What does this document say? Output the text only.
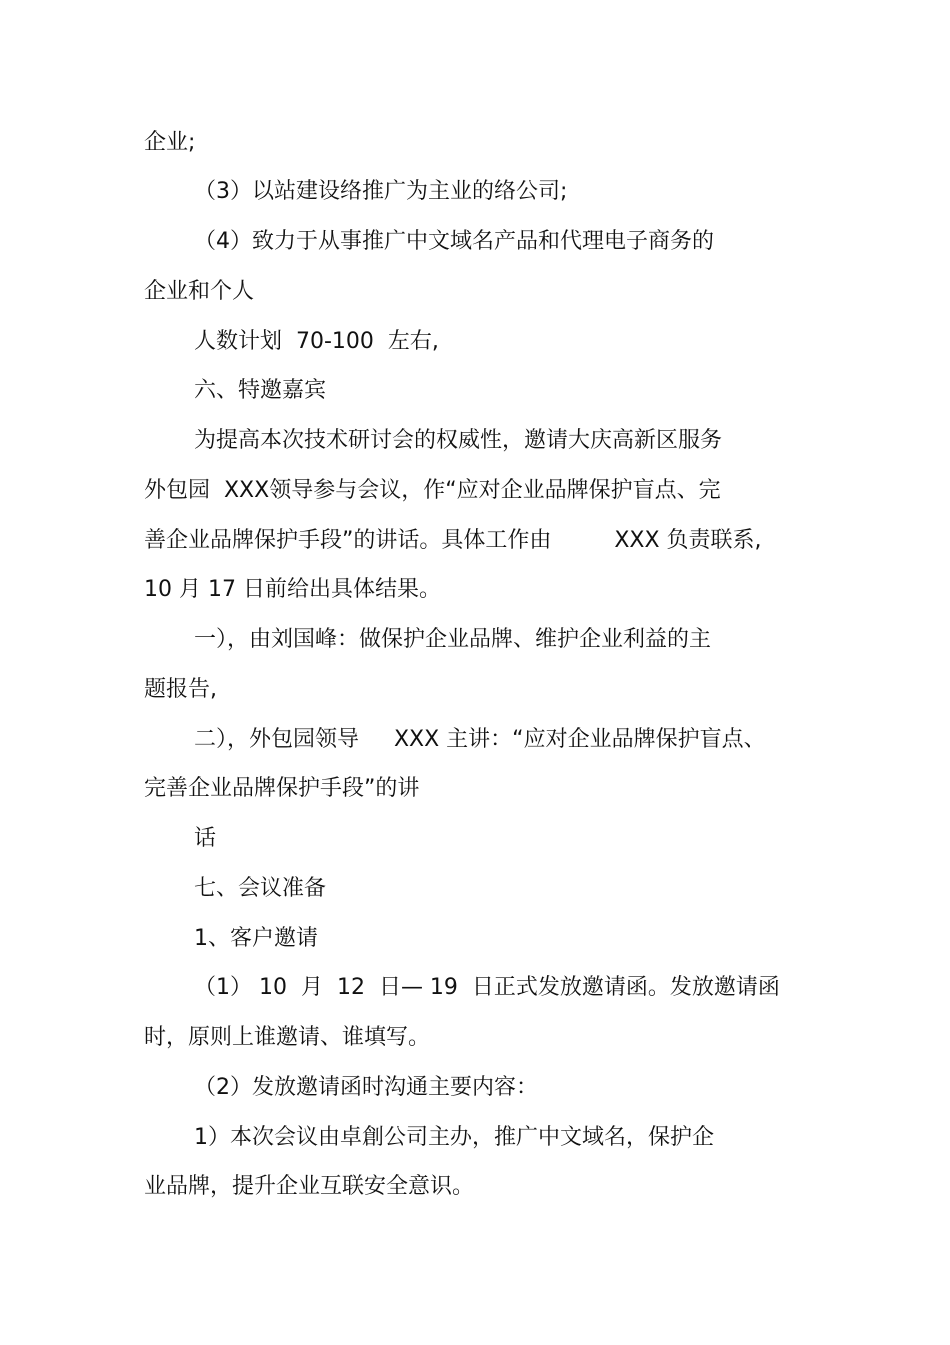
企业;
（3）以站建设络推广为主业的络公司;
（4）致力于从事推广中文域名产品和代理电子商务的
企业和个人
人数计划  70-100  左右,
六、特邀嘉宾
为提高本次技术研讨会的权威性，邀请大庆高新区服务
外包园  XXX领导参与会议，作“应对企业品牌保护盲点、完
善企业品牌保护手段”的讲话。具体工作由         XXX 负责联系,
10 月 17 日前给出具体结果。
一），由刘国峰：做保护企业品牌、维护企业利益的主
题报告,
二），外包园领导     XXX 主讲：“应对企业品牌保护盲点、
完善企业品牌保护手段”的讲
话
七、会议准备
1、客户邀请
（1） 10  月  12  日— 19  日正式发放邀请函。发放邀请函
时，原则上谁邀请、谁填写。
（2）发放邀请函时沟通主要内容：
1）本次会议由卓創公司主办，推广中文域名，保护企
业品牌，提升企业互联安全意识。
